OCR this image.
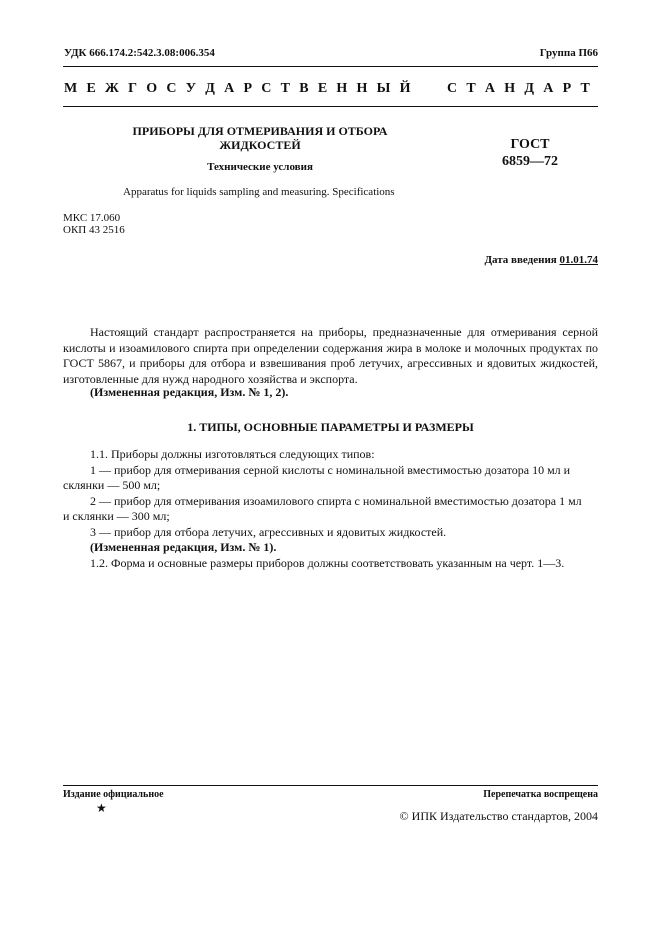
УДК 666.174.2:542.3.08:006.354	Группа П66
М Е Ж Г О С У Д А Р С Т В Е Н Н Ы Й	С Т А Н Д А Р Т
ПРИБОРЫ ДЛЯ ОТМЕРИВАНИЯ И ОТБОРА
ЖИДКОСТЕЙ
Технические условия
Apparatus for liquids sampling and measuring. Specifications
ГОСТ
6859—72
МКС 17.060
ОКП 43 2516
Дата введения 01.01.74
Настоящий стандарт распространяется на приборы, предназначенные для отмеривания серной кислоты и изоамилового спирта при определении содержания жира в молоке и молочных продуктах по ГОСТ 5867, и приборы для отбора и взвешивания проб летучих, агрессивных и ядовитых жидкостей, изготовленные для нужд народного хозяйства и экспорта.
(Измененная редакция, Изм. № 1, 2).
1. ТИПЫ, ОСНОВНЫЕ ПАРАМЕТРЫ И РАЗМЕРЫ
1.1. Приборы должны изготовляться следующих типов:
1 — прибор для отмеривания серной кислоты с номинальной вместимостью дозатора 10 мл и
склянки — 500 мл;
2 — прибор для отмеривания изоамилового спирта с номинальной вместимостью дозатора 1 мл
и склянки — 300 мл;
3 — прибор для отбора летучих, агрессивных и ядовитых жидкостей.
(Измененная редакция, Изм. № 1).
1.2. Форма и основные размеры приборов должны соответствовать указанным на черт. 1—3.
Издание официальное
★
Перепечатка воспрещена
© ИПК Издательство стандартов, 2004
